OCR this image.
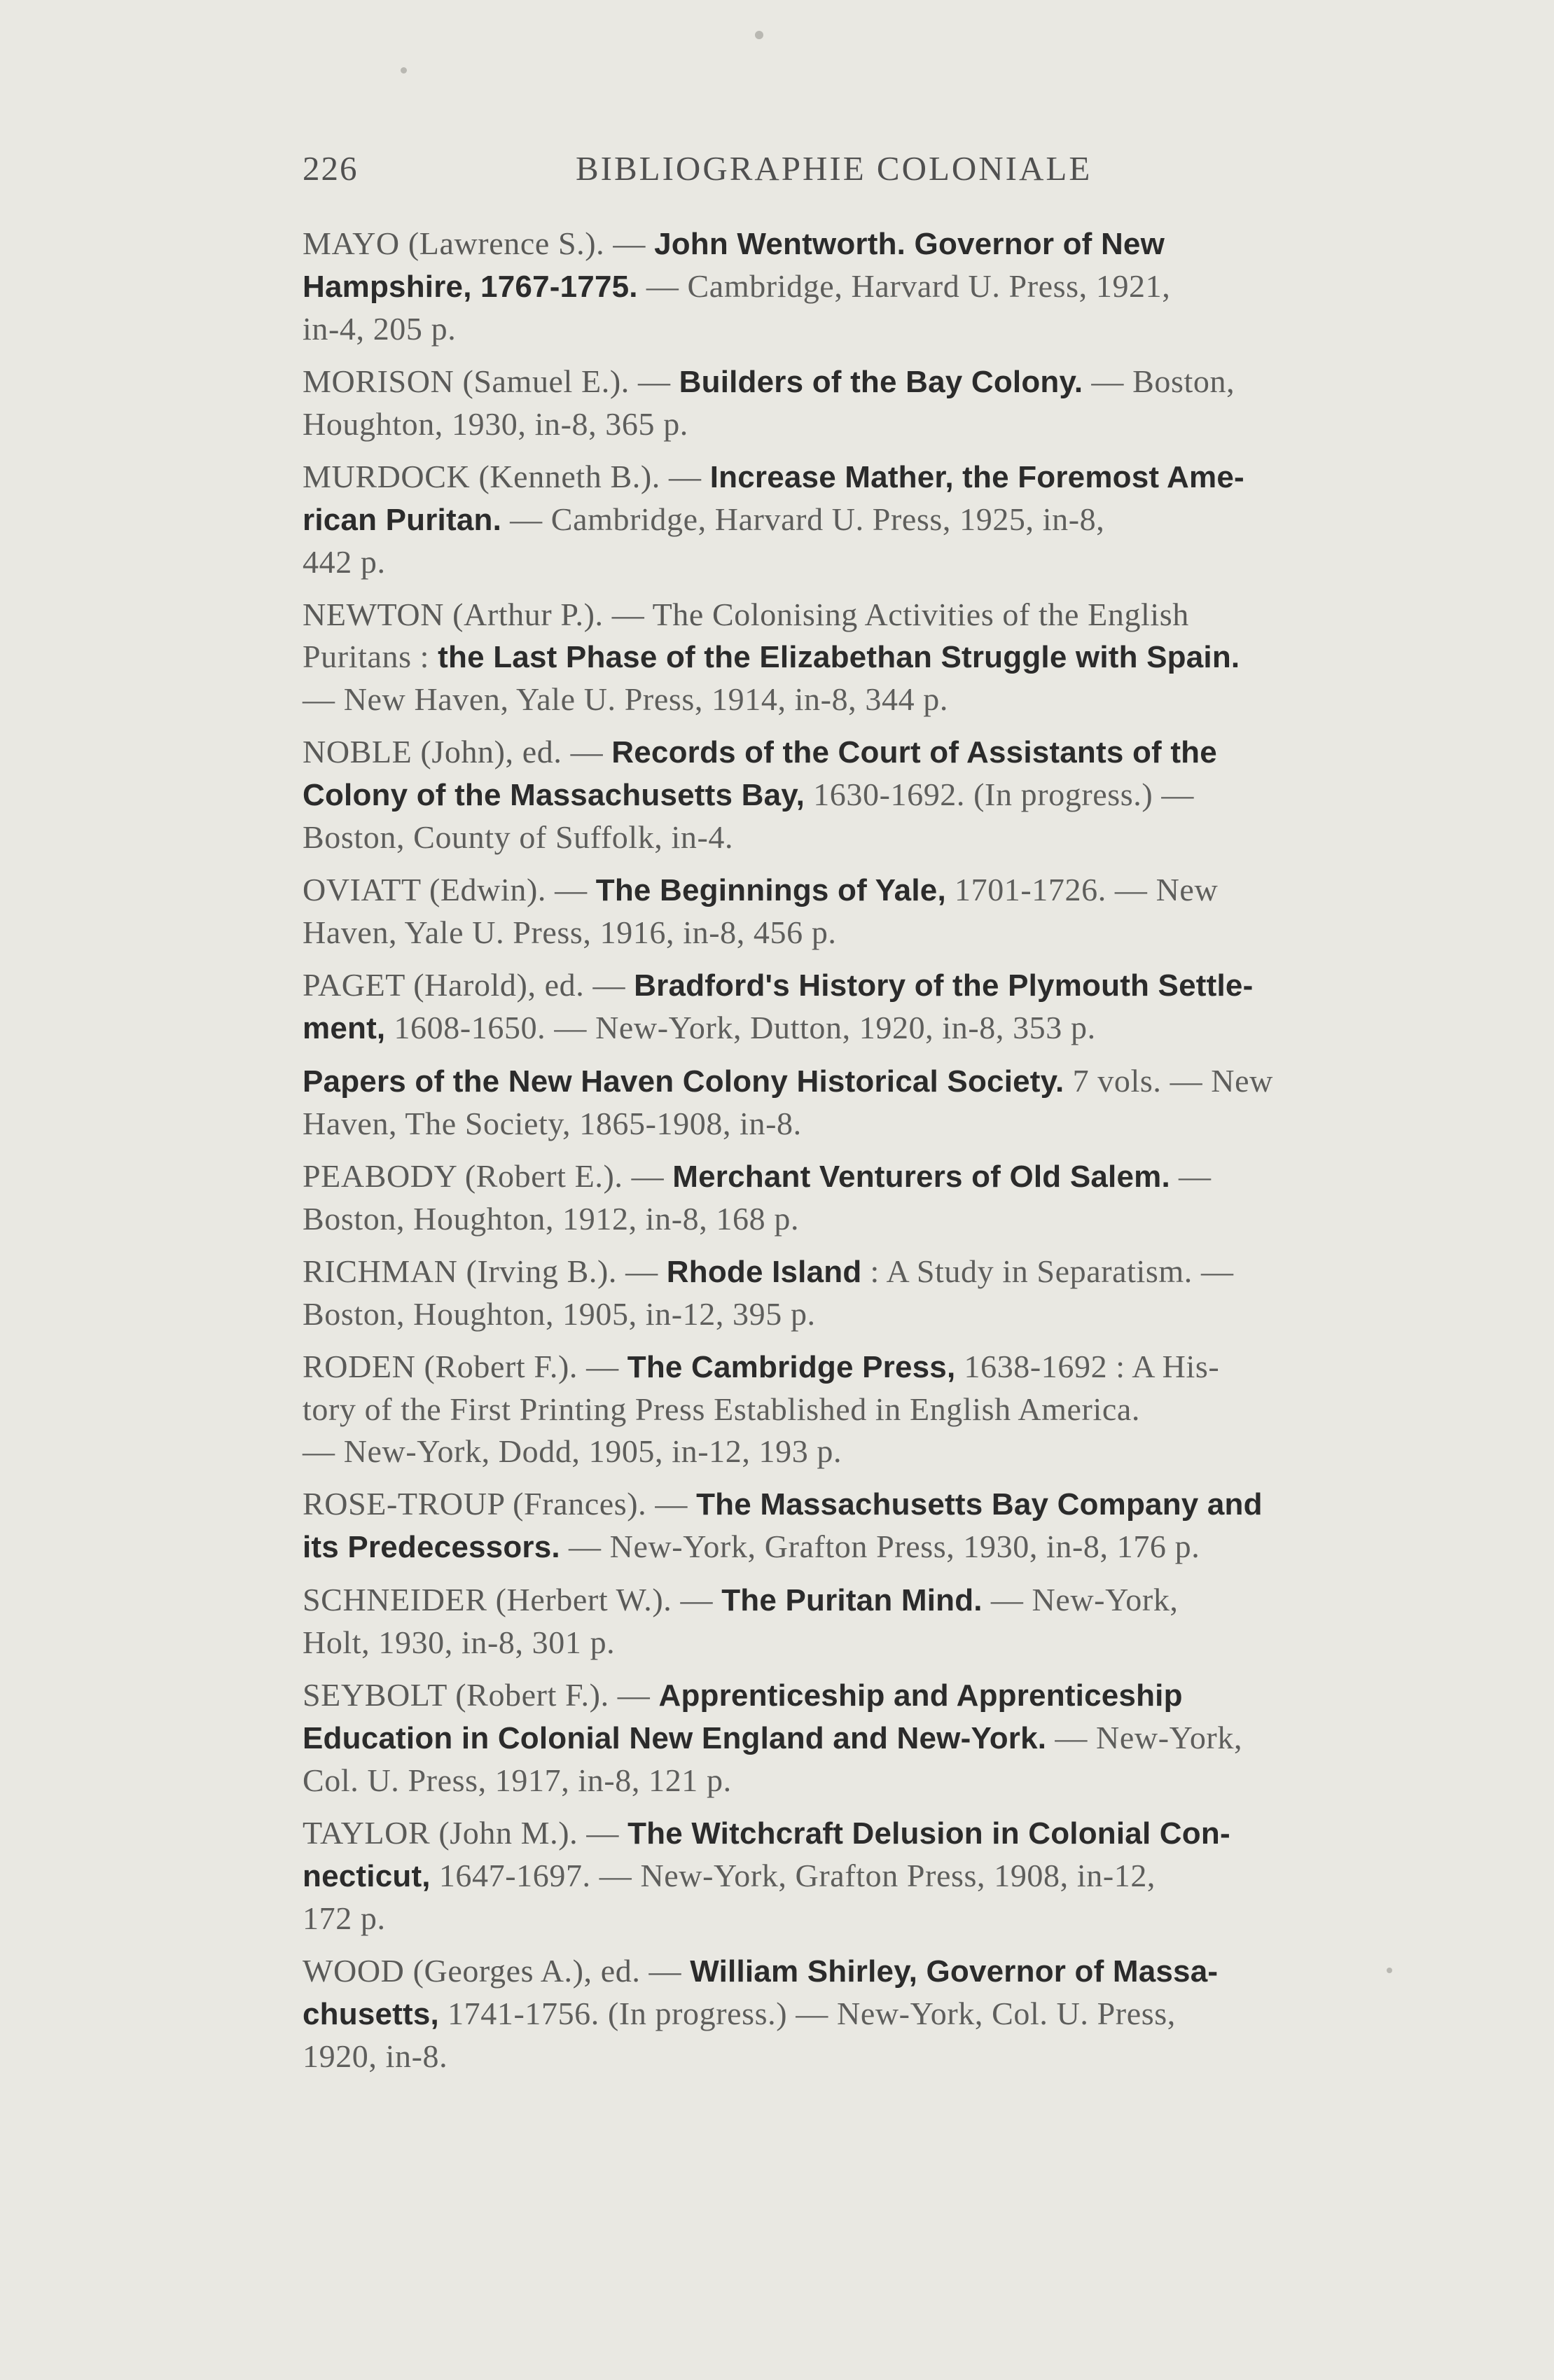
226	BIBLIOGRAPHIE COLONIALE
MAYO (Lawrence S.). — John Wentworth. Governor of New
Hampshire, 1767-1775. — Cambridge, Harvard U. Press, 1921,
in-4, 205 p.
MORISON (Samuel E.). — Builders of the Bay Colony. — Boston,
Houghton, 1930, in-8, 365 p.
MURDOCK (Kenneth B.). — Increase Mather, the Foremost Ame-
rican Puritan. — Cambridge, Harvard U. Press, 1925, in-8,
442 p.
NEWTON (Arthur P.). — The Colonising Activities of the English
Puritans : the Last Phase of the Elizabethan Struggle with Spain.
— New Haven, Yale U. Press, 1914, in-8, 344 p.
NOBLE (John), ed. — Records of the Court of Assistants of the
Colony of the Massachusetts Bay, 1630-1692. (In progress.) —
Boston, County of Suffolk, in-4.
OVIATT (Edwin). — The Beginnings of Yale, 1701-1726. — New
Haven, Yale U. Press, 1916, in-8, 456 p.
PAGET (Harold), ed. — Bradford's History of the Plymouth Settle-
ment, 1608-1650. — New-York, Dutton, 1920, in-8, 353 p.
Papers of the New Haven Colony Historical Society. 7 vols. — New
Haven, The Society, 1865-1908, in-8.
PEABODY (Robert E.). — Merchant Venturers of Old Salem. —
Boston, Houghton, 1912, in-8, 168 p.
RICHMAN (Irving B.). — Rhode Island : A Study in Separatism. —
Boston, Houghton, 1905, in-12, 395 p.
RODEN (Robert F.). — The Cambridge Press, 1638-1692 : A His-
tory of the First Printing Press Established in English America.
— New-York, Dodd, 1905, in-12, 193 p.
ROSE-TROUP (Frances). — The Massachusetts Bay Company and
its Predecessors. — New-York, Grafton Press, 1930, in-8, 176 p.
SCHNEIDER (Herbert W.). — The Puritan Mind. — New-York,
Holt, 1930, in-8, 301 p.
SEYBOLT (Robert F.). — Apprenticeship and Apprenticeship
Education in Colonial New England and New-York. — New-York,
Col. U. Press, 1917, in-8, 121 p.
TAYLOR (John M.). — The Witchcraft Delusion in Colonial Con-
necticut, 1647-1697. — New-York, Grafton Press, 1908, in-12,
172 p.
WOOD (Georges A.), ed. — William Shirley, Governor of Massa-
chusetts, 1741-1756. (In progress.) — New-York, Col. U. Press,
1920, in-8.
